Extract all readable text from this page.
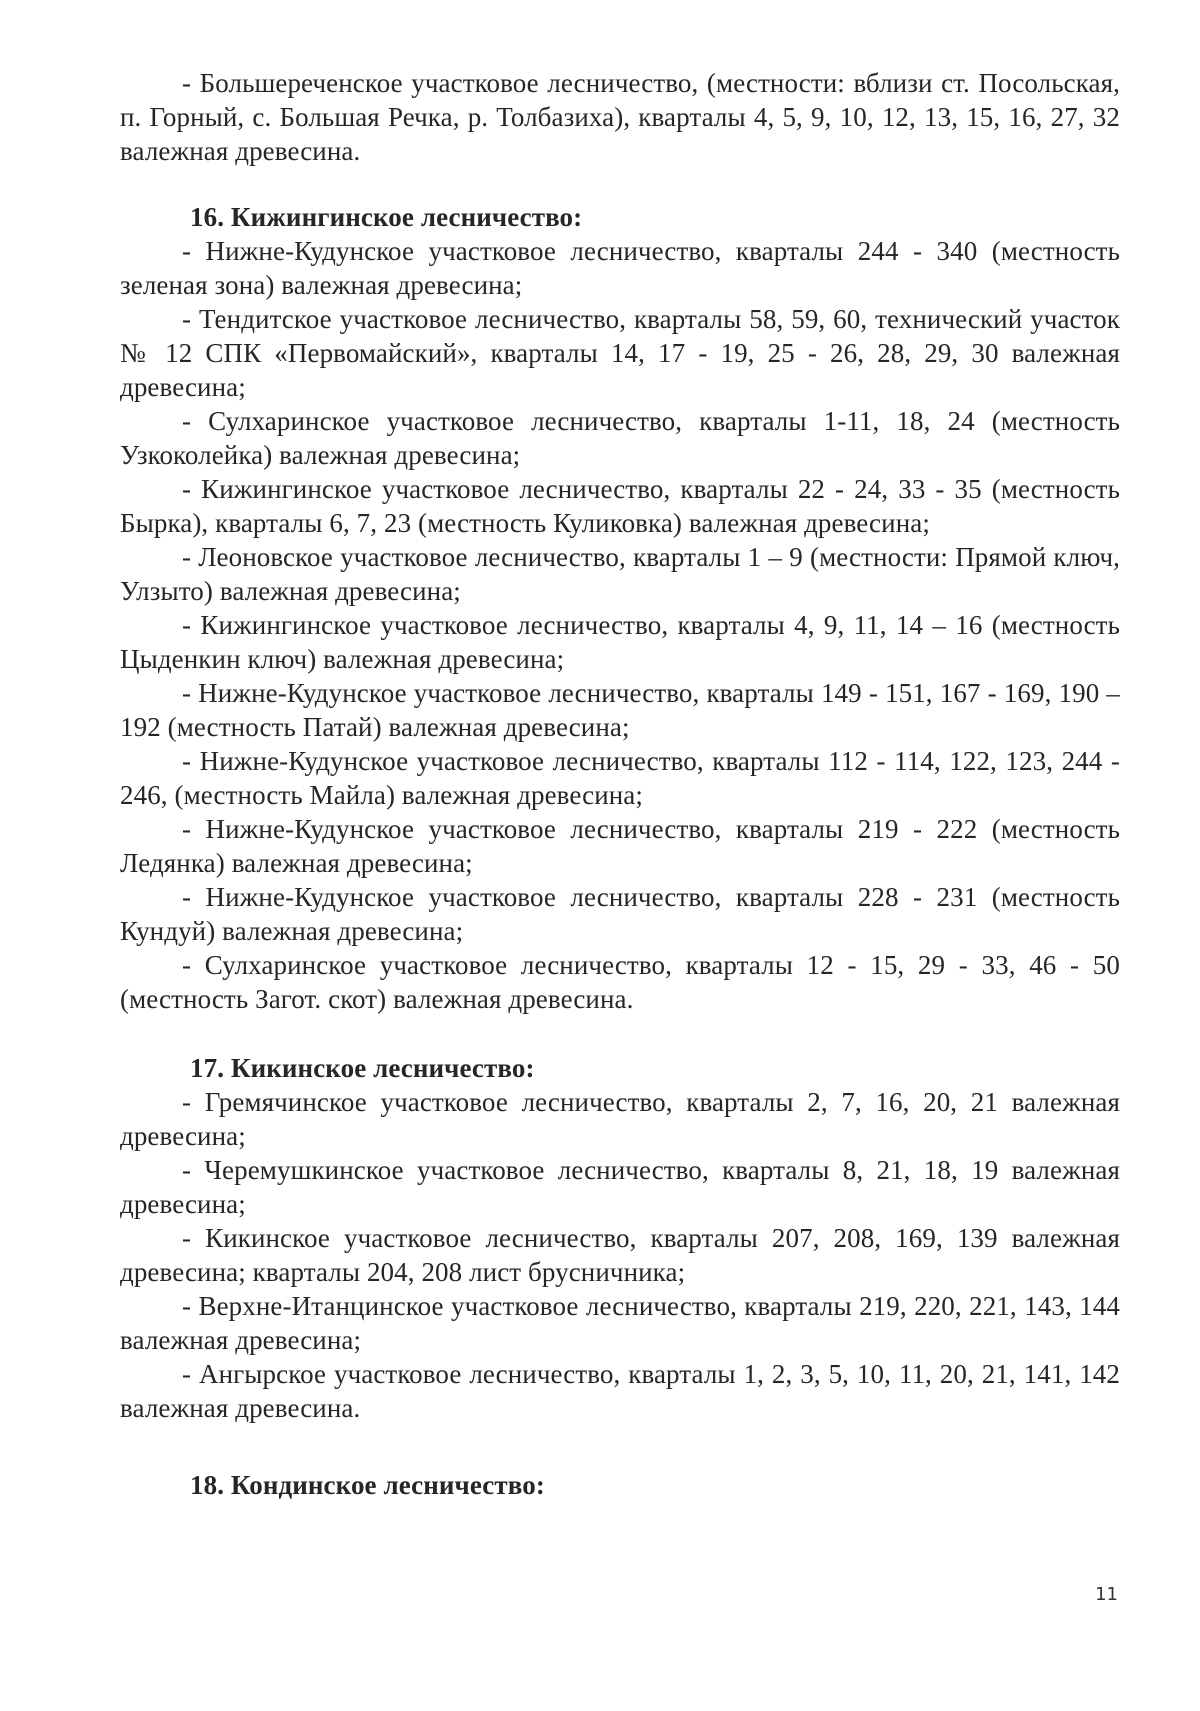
- Большереченское участковое лесничество, (местности: вблизи ст. Посольская, п. Горный, с. Большая Речка, р. Толбазиха), кварталы 4, 5, 9, 10, 12, 13, 15, 16, 27, 32 валежная древесина.

16. Кижингинское лесничество:

- Нижне-Кудунское участковое лесничество, кварталы 244 - 340 (местность зеленая зона) валежная древесина;

- Тендитское участковое лесничество, кварталы 58, 59, 60, технический участок № 12 СПК «Первомайский», кварталы 14, 17 - 19, 25 - 26, 28, 29, 30 валежная древесина;

- Сулхаринское участковое лесничество, кварталы 1-11, 18, 24 (местность Узкоколейка) валежная древесина;

- Кижингинское участковое лесничество, кварталы 22 - 24, 33 - 35 (местность Бырка), кварталы 6, 7, 23 (местность Куликовка) валежная древесина;

- Леоновское участковое лесничество, кварталы 1 – 9 (местности: Прямой ключ, Улзыто) валежная древесина;

- Кижингинское участковое лесничество, кварталы 4, 9, 11, 14 – 16 (местность Цыденкин ключ) валежная древесина;

- Нижне-Кудунское участковое лесничество, кварталы 149 - 151, 167 - 169, 190 – 192 (местность Патай) валежная древесина;

- Нижне-Кудунское участковое лесничество, кварталы 112 - 114, 122, 123, 244 - 246, (местность Майла) валежная древесина;

- Нижне-Кудунское участковое лесничество, кварталы 219 - 222 (местность Ледянка) валежная древесина;

- Нижне-Кудунское участковое лесничество, кварталы 228 - 231 (местность Кундуй) валежная древесина;

- Сулхаринское участковое лесничество, кварталы 12 - 15, 29 - 33, 46 - 50 (местность Загот. скот) валежная древесина.

17. Кикинское лесничество:

- Гремячинское участковое лесничество, кварталы 2, 7, 16, 20, 21 валежная древесина;

- Черемушкинское участковое лесничество, кварталы 8, 21, 18, 19 валежная древесина;

- Кикинское участковое лесничество, кварталы 207, 208, 169, 139 валежная древесина; кварталы 204, 208 лист брусничника;

- Верхне-Итанцинское участковое лесничество, кварталы 219, 220, 221, 143, 144 валежная древесина;

- Ангырское участковое лесничество, кварталы 1, 2, 3, 5, 10, 11, 20, 21, 141, 142 валежная древесина.

18. Кондинское лесничество:

11
